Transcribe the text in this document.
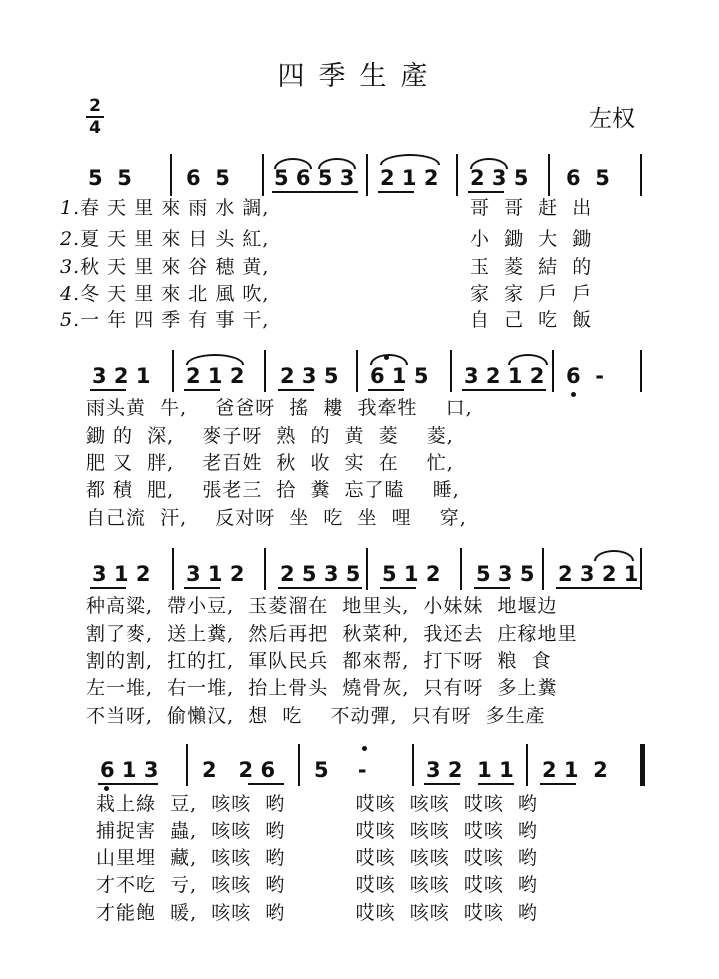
四季生產
左权
2
4
5  5	6  5 5 6 5 3 2 1 2 2 3 5 6  5
1.春 天 里 來 雨 水 調,	哥  哥  赶  出
2.夏 天 里 來 日 头 紅,	小  鋤  大  鋤
3.秋 天 里 來 谷 穂 黄,	玉  菱  結  的
4.冬 天 里 來 北 風 吹,	家  家  戶  戶
5.一 年 四 季 有 事 干,	自  己  吃  飯
3 2 1 2 1 2 2 3 5 6 1 5 3 2 1 2 6  -
雨头黄  牛,    爸爸呀  搖  耬  我牽牲    口,
鋤 的  深,    麥子呀  熟  的  黄  菱    菱,
肥 又  胖,    老百姓  秋  收  实  在    忙,
都 積  肥,    張老三  拾  糞  忘了瞌    睡,
自己流  汗,    反对呀  坐  吃  坐  哩    穿,
3 1 2 3 1 2 2 5 3 5 5 1 2 5 3 5 2 3 2 1
种高粱,  帶小豆,  玉菱溜在  地里头,  小妹妹  地堰边
割了麥,  送上糞,  然后再把  秋菜种,  我还去  庄稼地里
割的割,  扛的扛,  軍队民兵  都來帮,  打下呀  粮  食
左一堆,  右一堆,  抬上骨头  燒骨灰,  只有呀  多上糞
不当呀,  偷懶汉,  想  吃    不动彈,  只有呀  多生產
6 1 3 2   2 6 5    -	3 2  1 1 2 1  2
栽上綠  豆,  咳咳  哟          哎咳  咳咳  哎咳  哟
捕捉害  蟲,  咳咳  哟          哎咳  咳咳  哎咳  哟
山里埋  藏,  咳咳  哟          哎咳  咳咳  哎咳  哟
才不吃  亏,  咳咳  哟          哎咳  咳咳  哎咳  哟
才能飽  暖,  咳咳  哟          哎咳  咳咳  哎咳  哟
